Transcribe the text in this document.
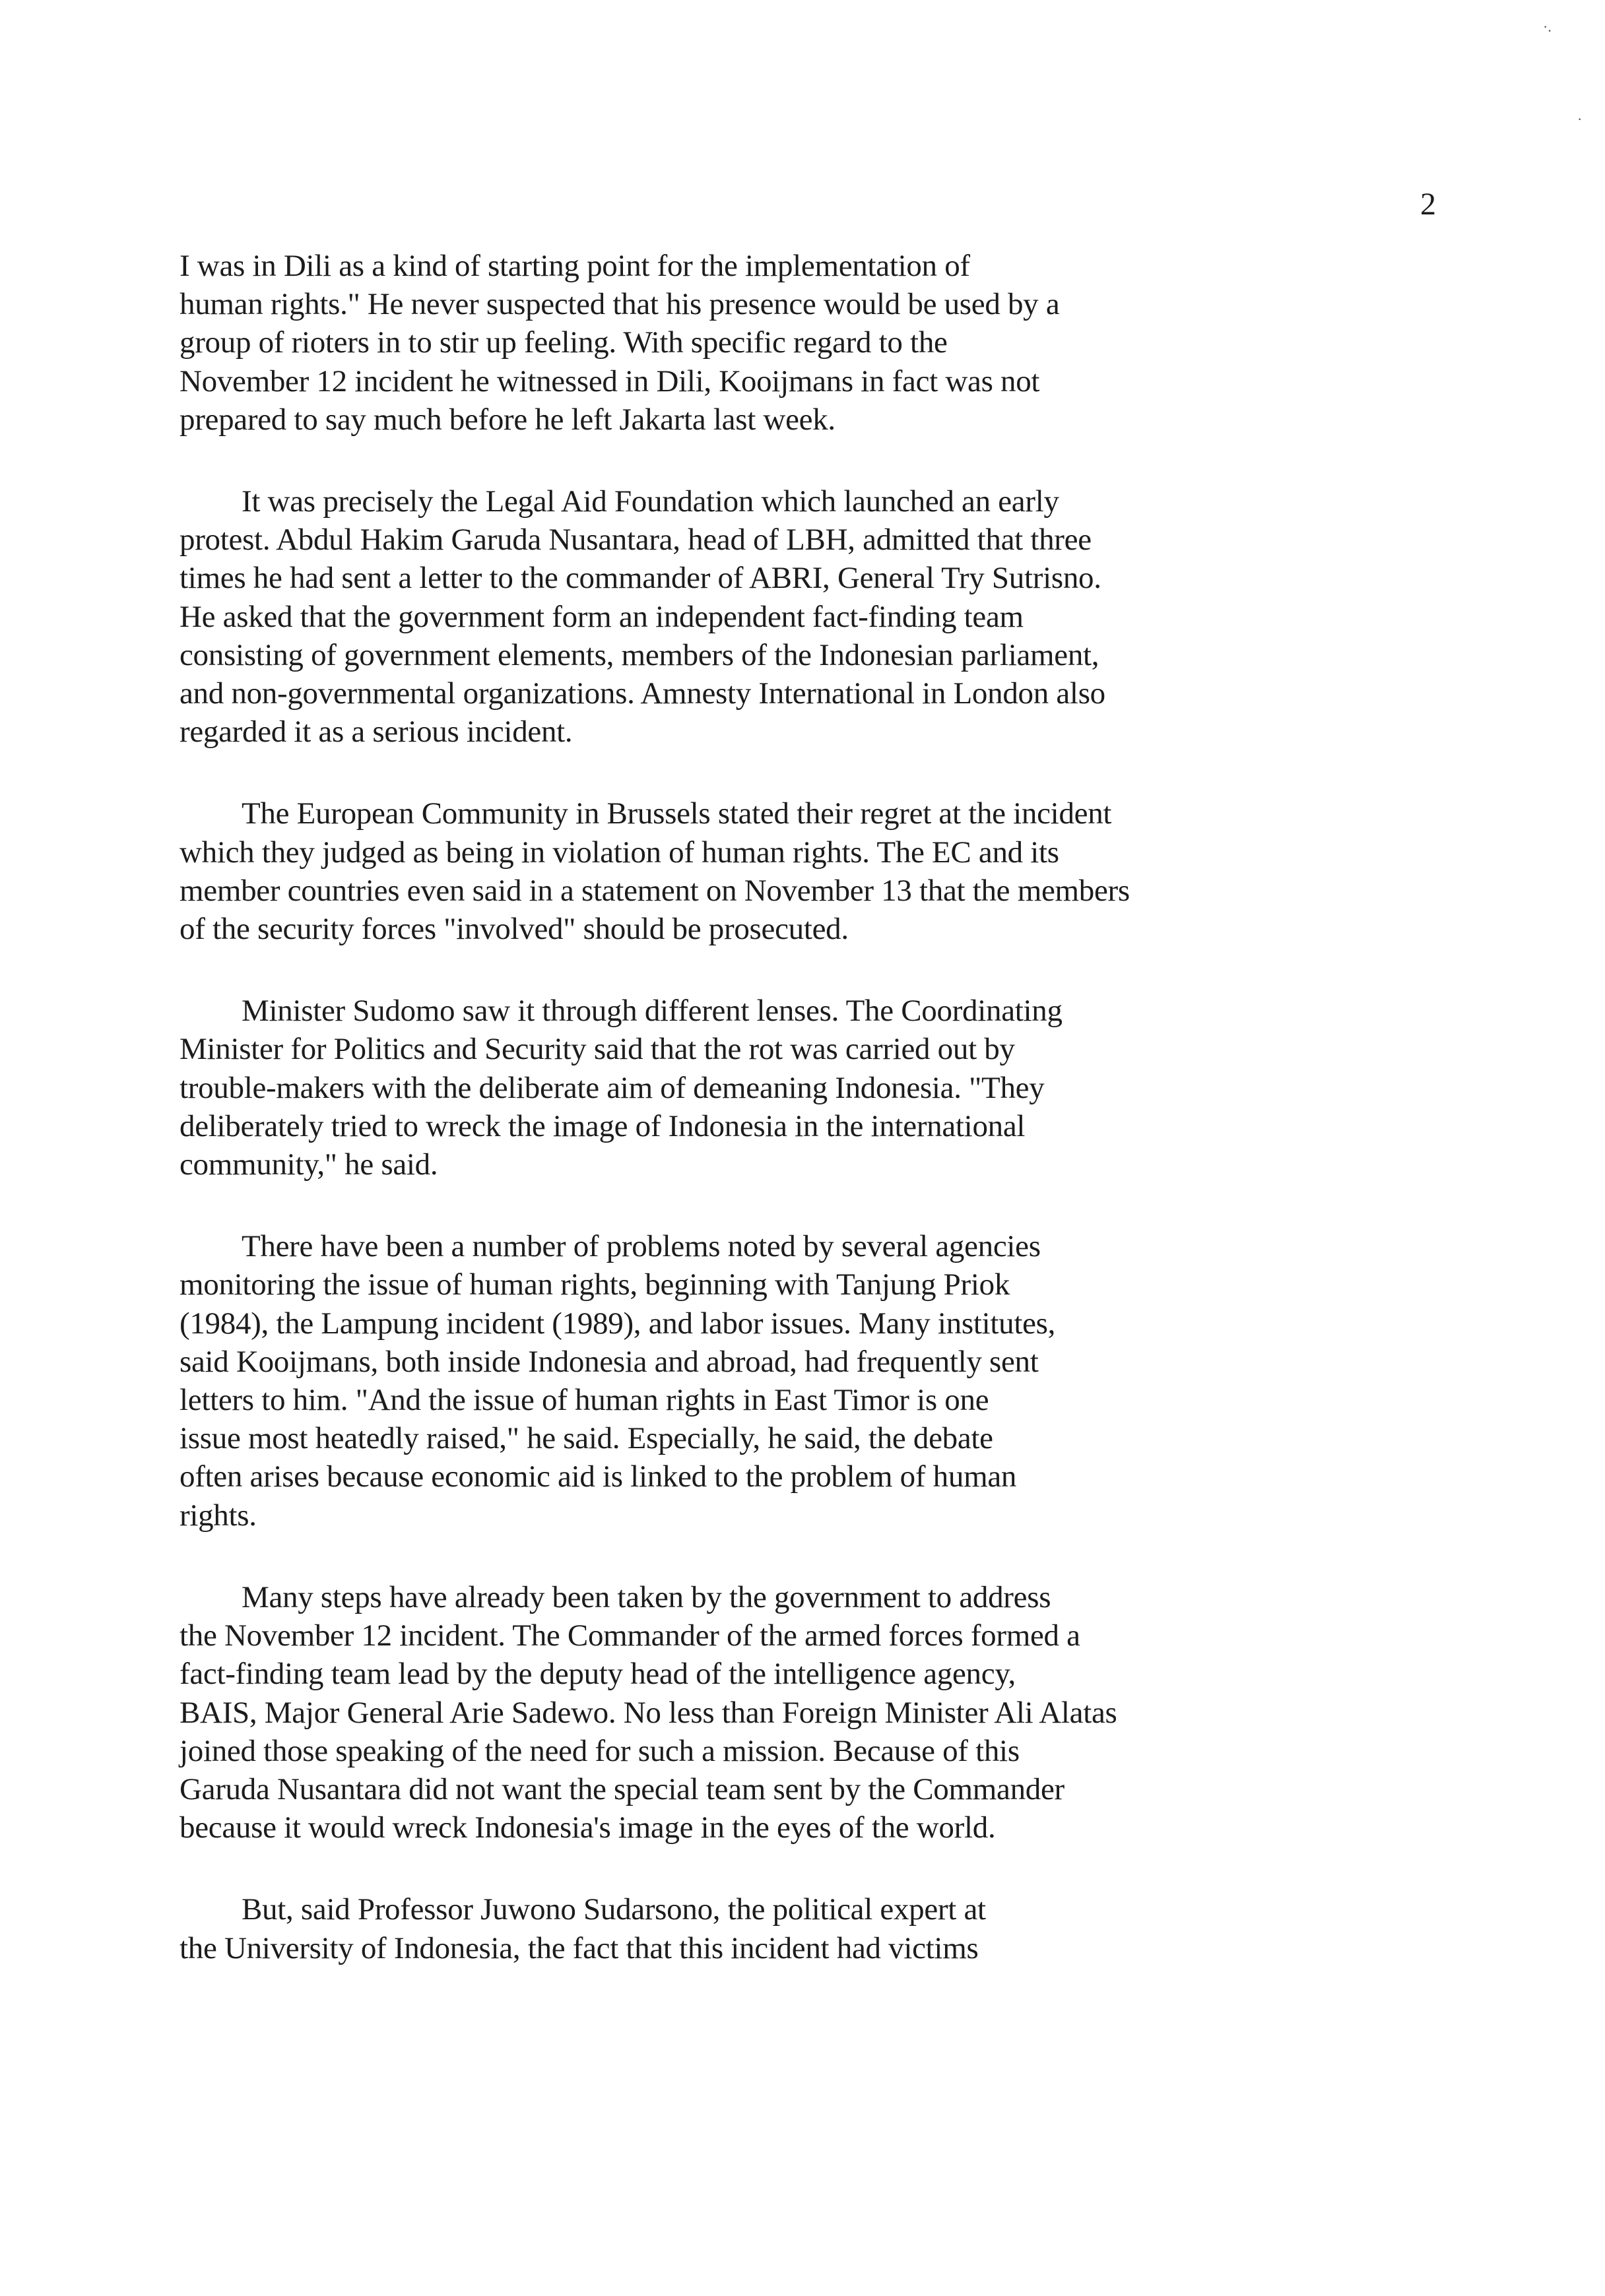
·.
·
2
I was in Dili as a kind of starting point for the implementation of
human rights." He never suspected that his presence would be used by a
group of rioters in to stir up feeling. With specific regard to the
November 12 incident he witnessed in Dili, Kooijmans in fact was not
prepared to say much before he left Jakarta last week.
It was precisely the Legal Aid Foundation which launched an early
protest. Abdul Hakim Garuda Nusantara, head of LBH, admitted that three
times he had sent a letter to the commander of ABRI, General Try Sutrisno.
He asked that the government form an independent fact-finding team
consisting of government elements, members of the Indonesian parliament,
and non-governmental organizations. Amnesty International in London also
regarded it as a serious incident.
The European Community in Brussels stated their regret at the incident
which they judged as being in violation of human rights. The EC and its
member countries even said in a statement on November 13 that the members
of the security forces "involved" should be prosecuted.
Minister Sudomo saw it through different lenses. The Coordinating
Minister for Politics and Security said that the rot was carried out by
trouble-makers with the deliberate aim of demeaning Indonesia. "They
deliberately tried to wreck the image of Indonesia in the international
community," he said.
There have been a number of problems noted by several agencies
monitoring the issue of human rights, beginning with Tanjung Priok
(1984), the Lampung incident (1989), and labor issues. Many institutes,
said Kooijmans, both inside Indonesia and abroad, had frequently sent
letters to him. "And the issue of human rights in East Timor is one
issue most heatedly raised," he said. Especially, he said, the debate
often arises because economic aid is linked to the problem of human
rights.
Many steps have already been taken by the government to address
the November 12 incident. The Commander of the armed forces formed a
fact-finding team lead by the deputy head of the intelligence agency,
BAIS, Major General Arie Sadewo. No less than Foreign Minister Ali Alatas
joined those speaking of the need for such a mission. Because of this
Garuda Nusantara did not want the special team sent by the Commander
because it would wreck Indonesia's image in the eyes of the world.
But, said Professor Juwono Sudarsono, the political expert at
the University of Indonesia, the fact that this incident had victims
